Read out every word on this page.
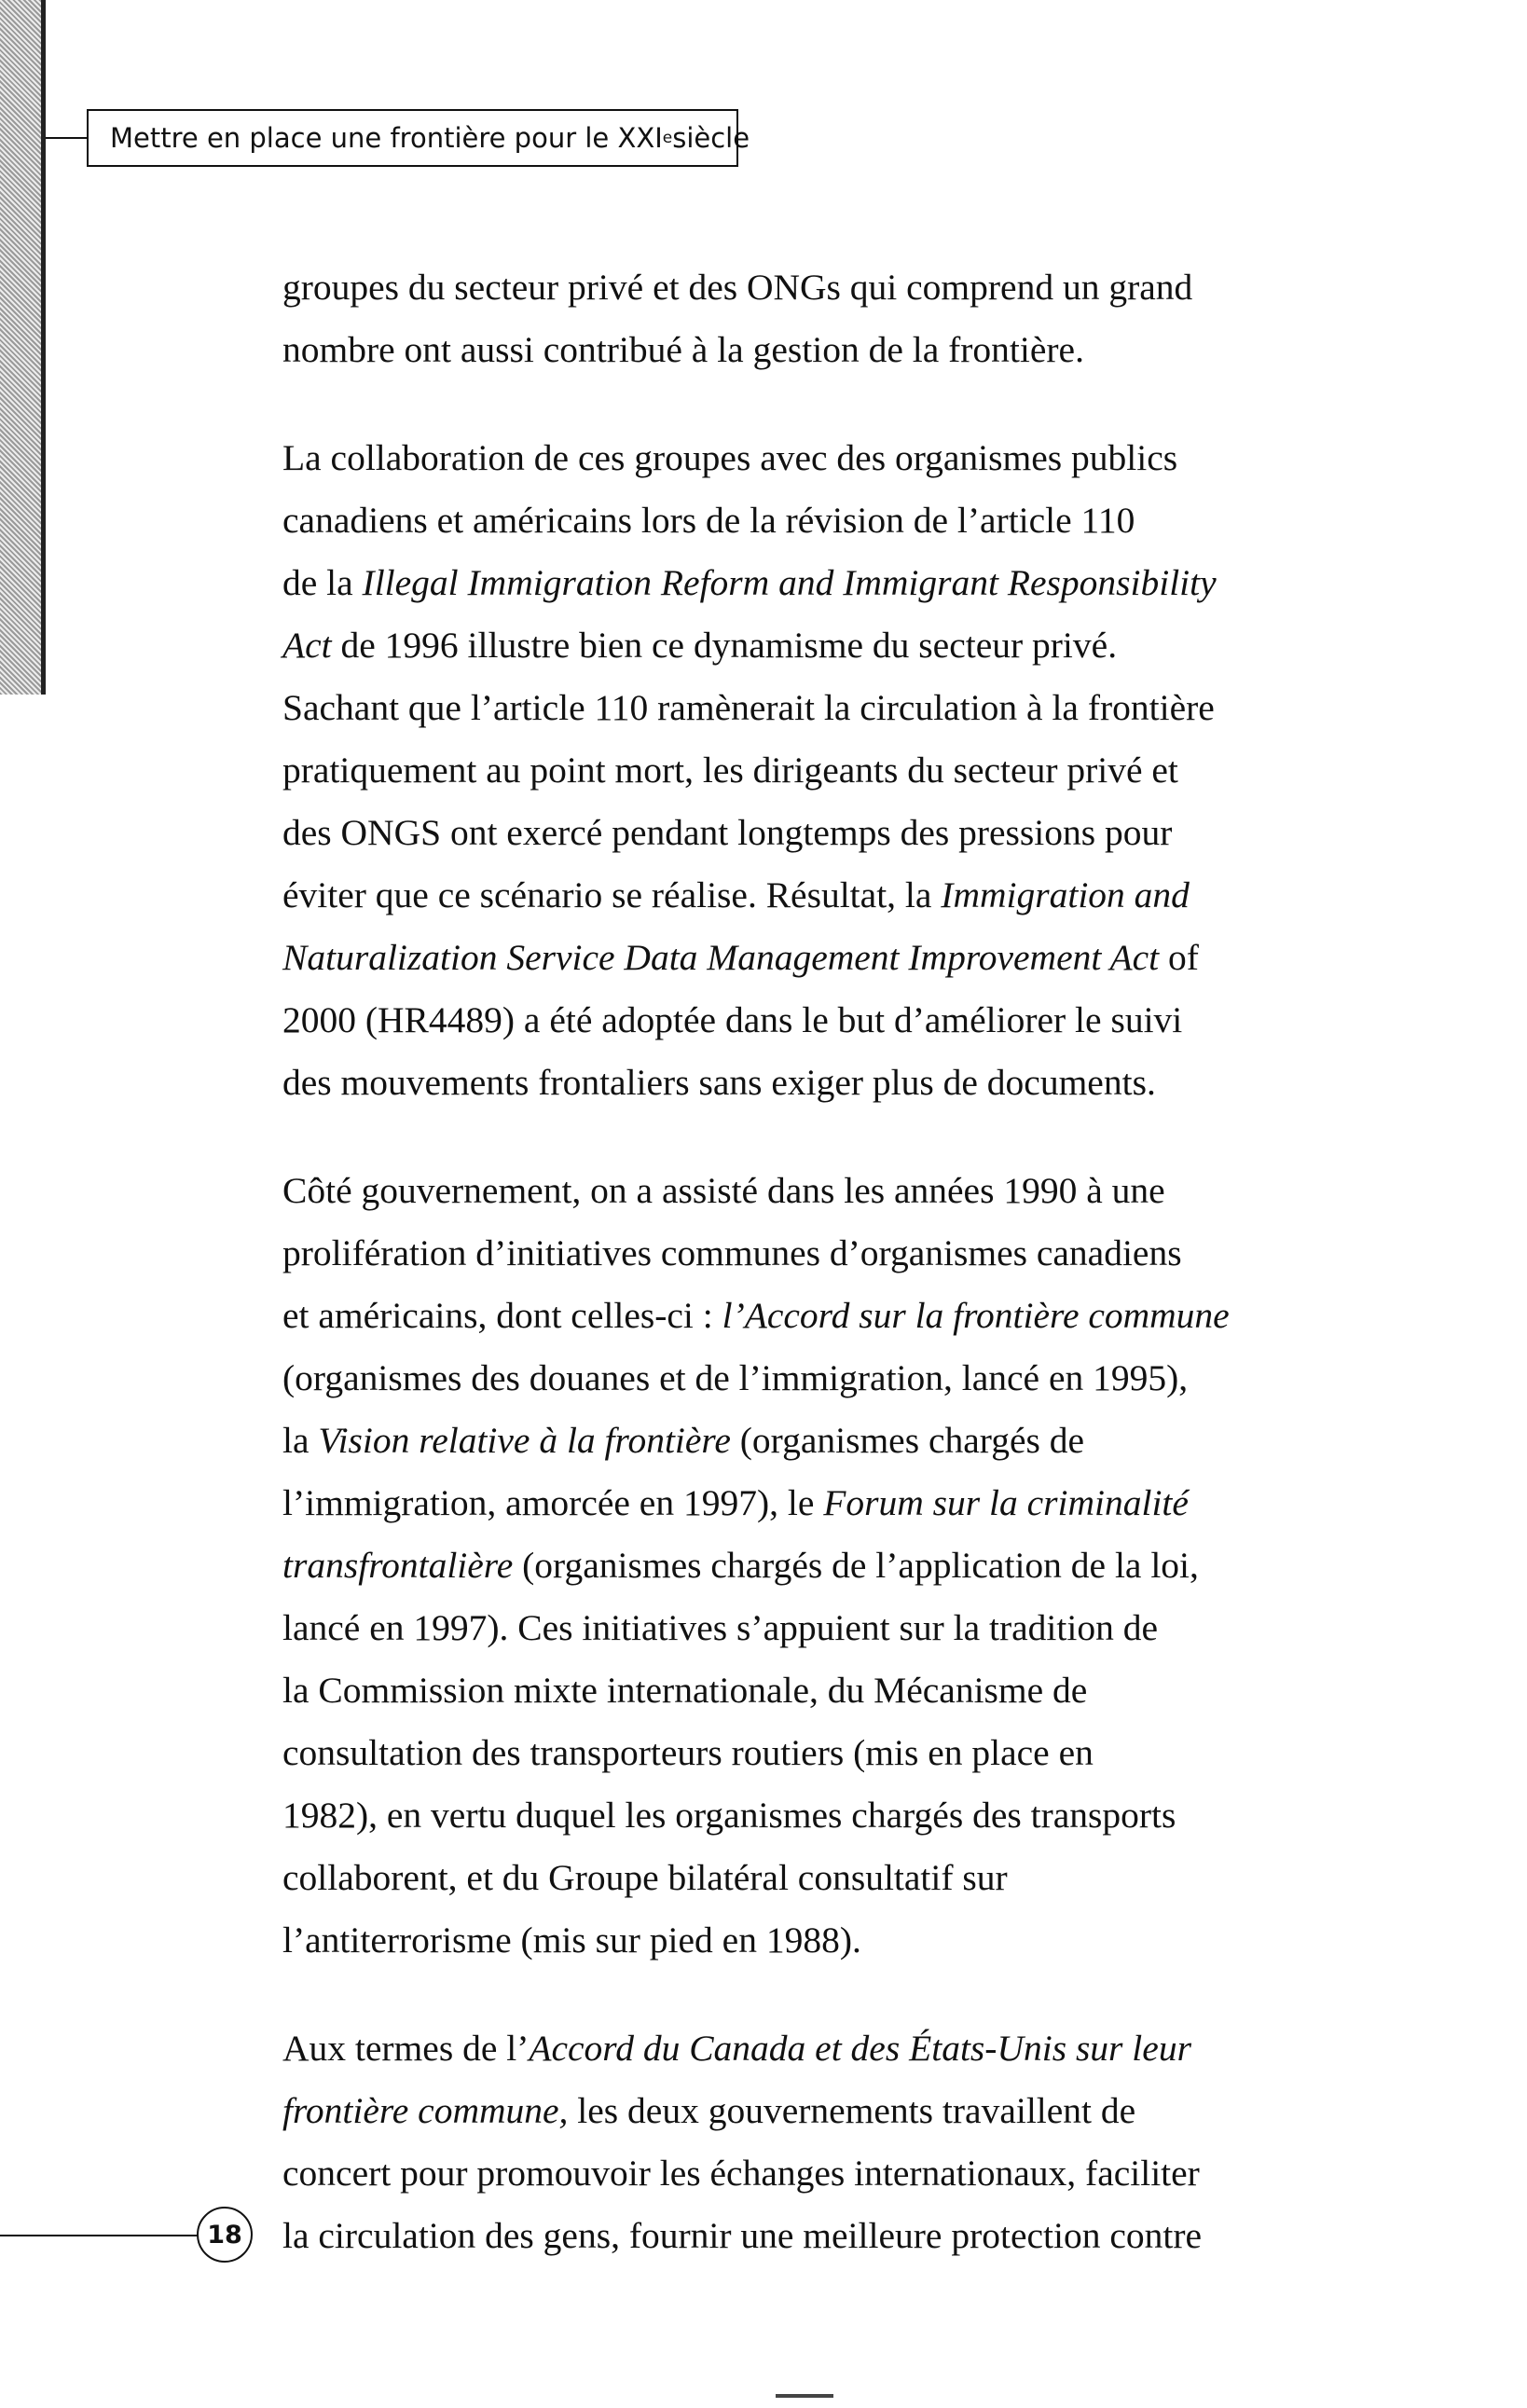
Mettre en place une frontière pour le XXI e siècle

groupes du secteur privé et des ONGs qui comprend un grand
nombre ont aussi contribué à la gestion de la frontière.

La collaboration de ces groupes avec des organismes publics
canadiens et américains lors de la révision de l’article 110
de la Illegal Immigration Reform and Immigrant Responsibility
Act de 1996 illustre bien ce dynamisme du secteur privé.
Sachant que l’article 110 ramènerait la circulation à la frontière
pratiquement au point mort, les dirigeants du secteur privé et
des ONGS ont exercé pendant longtemps des pressions pour
éviter que ce scénario se réalise. Résultat, la Immigration and
Naturalization Service Data Management Improvement Act of
2000 (HR4489) a été adoptée dans le but d’améliorer le suivi
des mouvements frontaliers sans exiger plus de documents.

Côté gouvernement, on a assisté dans les années 1990 à une
prolifération d’initiatives communes d’organismes canadiens
et américains, dont celles-ci : l’Accord sur la frontière commune
(organismes des douanes et de l’immigration, lancé en 1995),
la Vision relative à la frontière (organismes chargés de
l’immigration, amorcée en 1997), le Forum sur la criminalité
transfrontalière (organismes chargés de l’application de la loi,
lancé en 1997). Ces initiatives s’appuient sur la tradition de
la Commission mixte internationale, du Mécanisme de
consultation des transporteurs routiers (mis en place en
1982), en vertu duquel les organismes chargés des transports
collaborent, et du Groupe bilatéral consultatif sur
l’antiterrorisme (mis sur pied en 1988).

Aux termes de l’Accord du Canada et des États-Unis sur leur
frontière commune, les deux gouvernements travaillent de
concert pour promouvoir les échanges internationaux, faciliter
la circulation des gens, fournir une meilleure protection contre

18
